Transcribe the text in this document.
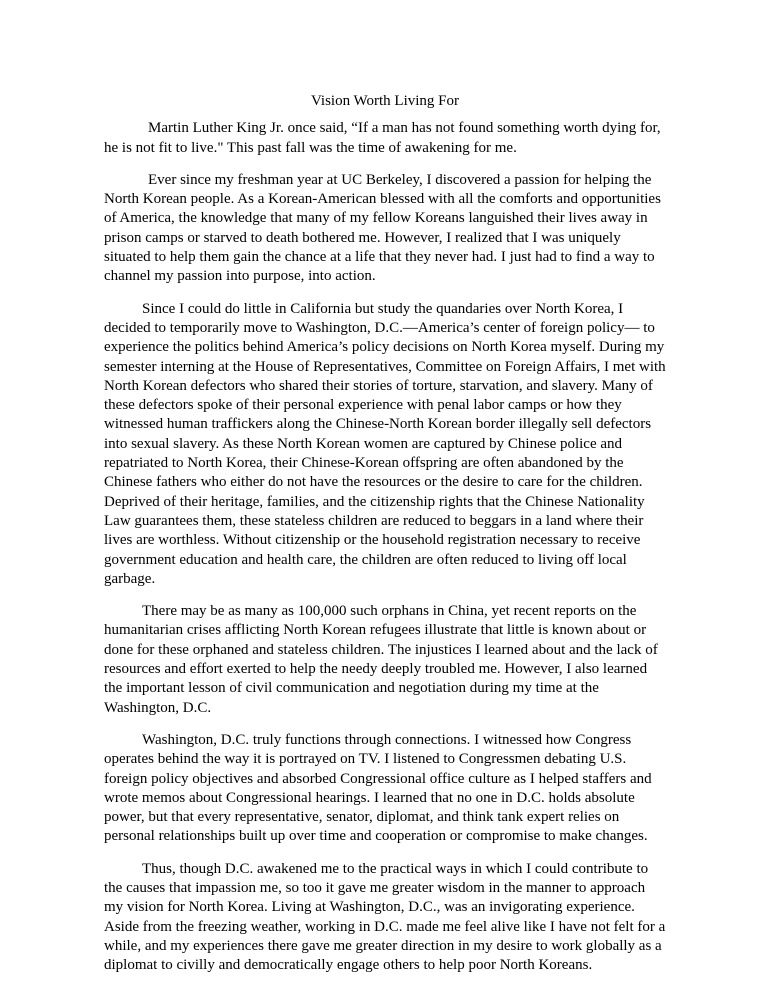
Vision Worth Living For

Martin Luther King Jr. once said, “If a man has not found something worth dying for, he is not fit to live." This past fall was the time of awakening for me.

Ever since my freshman year at UC Berkeley, I discovered a passion for helping the North Korean people. As a Korean-American blessed with all the comforts and opportunities of America, the knowledge that many of my fellow Koreans languished their lives away in prison camps or starved to death bothered me. However, I realized that I was uniquely situated to help them gain the chance at a life that they never had. I just had to find a way to channel my passion into purpose, into action.

Since I could do little in California but study the quandaries over North Korea, I decided to temporarily move to Washington, D.C.—America’s center of foreign policy— to experience the politics behind America’s policy decisions on North Korea myself. During my semester interning at the House of Representatives, Committee on Foreign Affairs, I met with North Korean defectors who shared their stories of torture, starvation, and slavery. Many of these defectors spoke of their personal experience with penal labor camps or how they witnessed human traffickers along the Chinese-North Korean border illegally sell defectors into sexual slavery. As these North Korean women are captured by Chinese police and repatriated to North Korea, their Chinese-Korean offspring are often abandoned by the Chinese fathers who either do not have the resources or the desire to care for the children. Deprived of their heritage, families, and the citizenship rights that the Chinese Nationality Law guarantees them, these stateless children are reduced to beggars in a land where their lives are worthless. Without citizenship or the household registration necessary to receive government education and health care, the children are often reduced to living off local garbage.

There may be as many as 100,000 such orphans in China, yet recent reports on the humanitarian crises afflicting North Korean refugees illustrate that little is known about or done for these orphaned and stateless children. The injustices I learned about and the lack of resources and effort exerted to help the needy deeply troubled me. However, I also learned the important lesson of civil communication and negotiation during my time at the Washington, D.C.

Washington, D.C. truly functions through connections. I witnessed how Congress operates behind the way it is portrayed on TV. I listened to Congressmen debating U.S. foreign policy objectives and absorbed Congressional office culture as I helped staffers and wrote memos about Congressional hearings. I learned that no one in D.C. holds absolute power, but that every representative, senator, diplomat, and think tank expert relies on personal relationships built up over time and cooperation or compromise to make changes.

Thus, though D.C. awakened me to the practical ways in which I could contribute to the causes that impassion me, so too it gave me greater wisdom in the manner to approach my vision for North Korea. Living at Washington, D.C., was an invigorating experience. Aside from the freezing weather, working in D.C. made me feel alive like I have not felt for a while, and my experiences there gave me greater direction in my desire to work globally as a diplomat to civilly and democratically engage others to help poor North Koreans.
